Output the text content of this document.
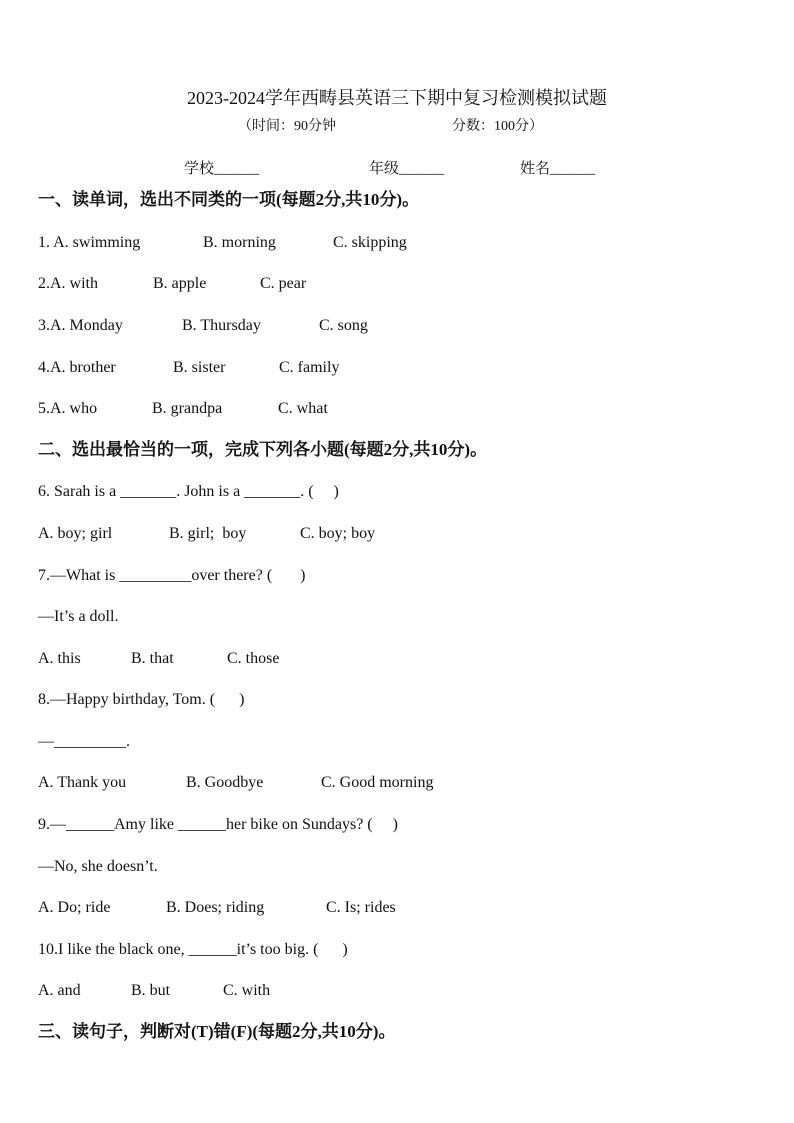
2023-2024学年西畴县英语三下期中复习检测模拟试题
（时间：90分钟	分数：100分）
学校______	年级______	姓名______
一、读单词，选出不同类的一项(每题2分,共10分)。
1. A. swimming	B. morning	C. skipping
2.A. with	B. apple	C. pear
3.A. Monday	B. Thursday	C. song
4.A. brother	B. sister	C. family
5.A. who	B. grandpa	C. what
二、选出最恰当的一项，完成下列各小题(每题2分,共10分)。
6. Sarah is a _______. John is a _______. (     )
A. boy; girl	B. girl;  boy	C. boy; boy
7.—What is _________over there? (       )
—It’s a doll.
A. this	B. that	C. those
8.—Happy birthday, Tom. (      )
—_________.
A. Thank you	B. Goodbye	C. Good morning
9.—______Amy like ______her bike on Sundays? (     )
—No, she doesn’t.
A. Do; ride	B. Does; riding	C. Is; rides
10.I like the black one, ______it’s too big. (      )
A. and	B. but	C. with
三、读句子，判断对(T)错(F)(每题2分,共10分)。
